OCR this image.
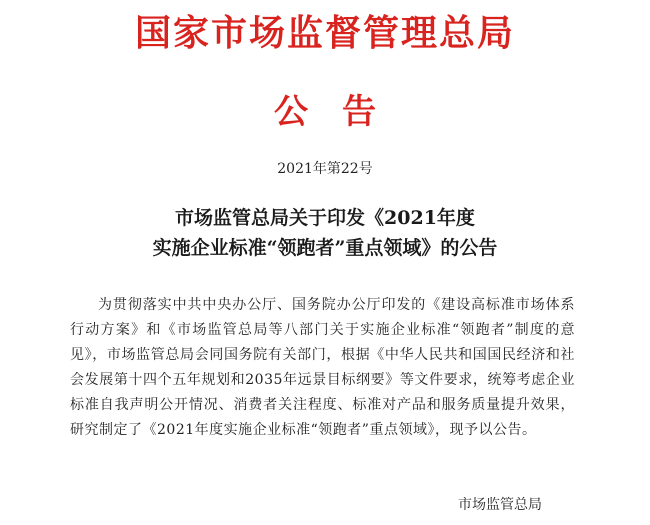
国家市场监督管理总局
公告

2021年第22号

市场监管总局关于印发《2021年度
实施企业标准“领跑者”重点领域》的公告

为贯彻落实中共中央办公厅、国务院办公厅印发的《建设高标准市场体系行动方案》和《市场监管总局等八部门关于实施企业标准“领跑者”制度的意见》，市场监管总局会同国务院有关部门，根据《中华人民共和国国民经济和社会发展第十四个五年规划和2035年远景目标纲要》等文件要求，统筹考虑企业标准自我声明公开情况、消费者关注程度、标准对产品和服务质量提升效果，研究制定了《2021年度实施企业标准“领跑者”重点领域》，现予以公告。

市场监管总局
